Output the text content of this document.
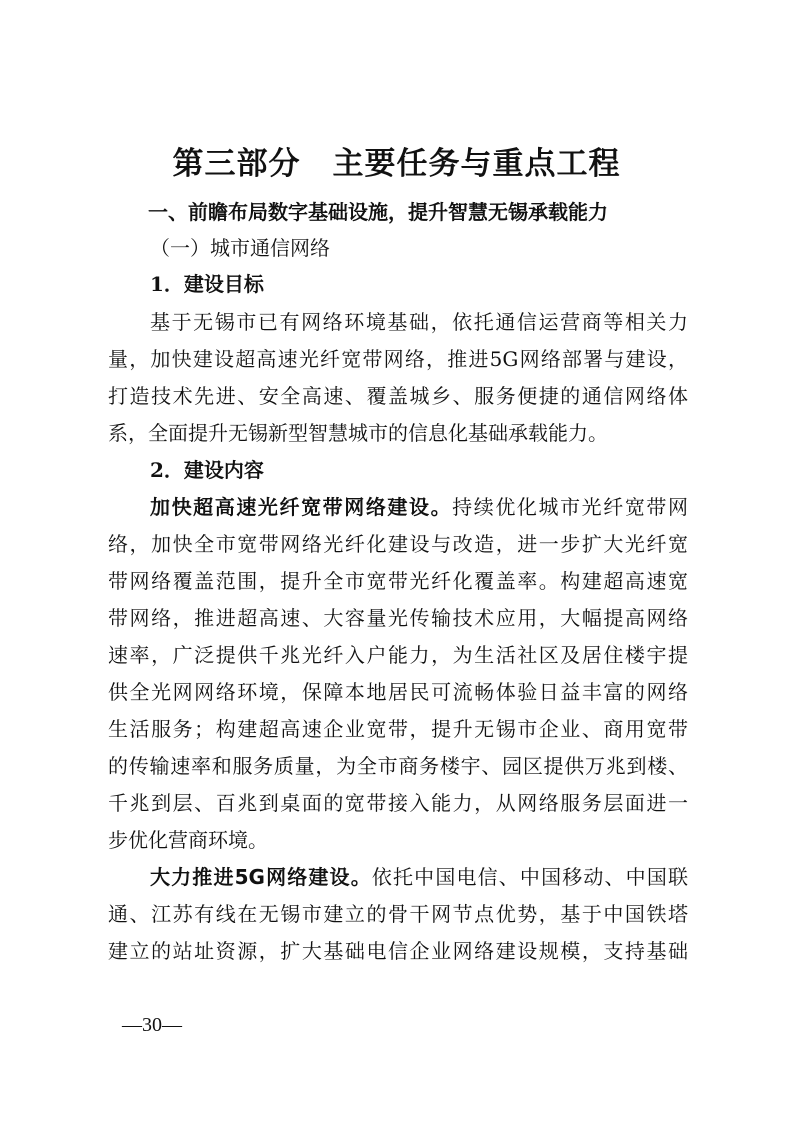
第三部分　主要任务与重点工程
一、前瞻布局数字基础设施，提升智慧无锡承载能力
（一）城市通信网络
1．建设目标
基于无锡市已有网络环境基础，依托通信运营商等相关力
量，加快建设超高速光纤宽带网络，推进5G网络部署与建设，
打造技术先进、安全高速、覆盖城乡、服务便捷的通信网络体
系，全面提升无锡新型智慧城市的信息化基础承载能力。
2．建设内容
加快超高速光纤宽带网络建设。持续优化城市光纤宽带网
络，加快全市宽带网络光纤化建设与改造，进一步扩大光纤宽
带网络覆盖范围，提升全市宽带光纤化覆盖率。构建超高速宽
带网络，推进超高速、大容量光传输技术应用，大幅提高网络
速率，广泛提供千兆光纤入户能力，为生活社区及居住楼宇提
供全光网网络环境，保障本地居民可流畅体验日益丰富的网络
生活服务；构建超高速企业宽带，提升无锡市企业、商用宽带
的传输速率和服务质量，为全市商务楼宇、园区提供万兆到楼、
千兆到层、百兆到桌面的宽带接入能力，从网络服务层面进一
步优化营商环境。
大力推进5G网络建设。依托中国电信、中国移动、中国联
通、江苏有线在无锡市建立的骨干网节点优势，基于中国铁塔
建立的站址资源，扩大基础电信企业网络建设规模，支持基础
—30—
